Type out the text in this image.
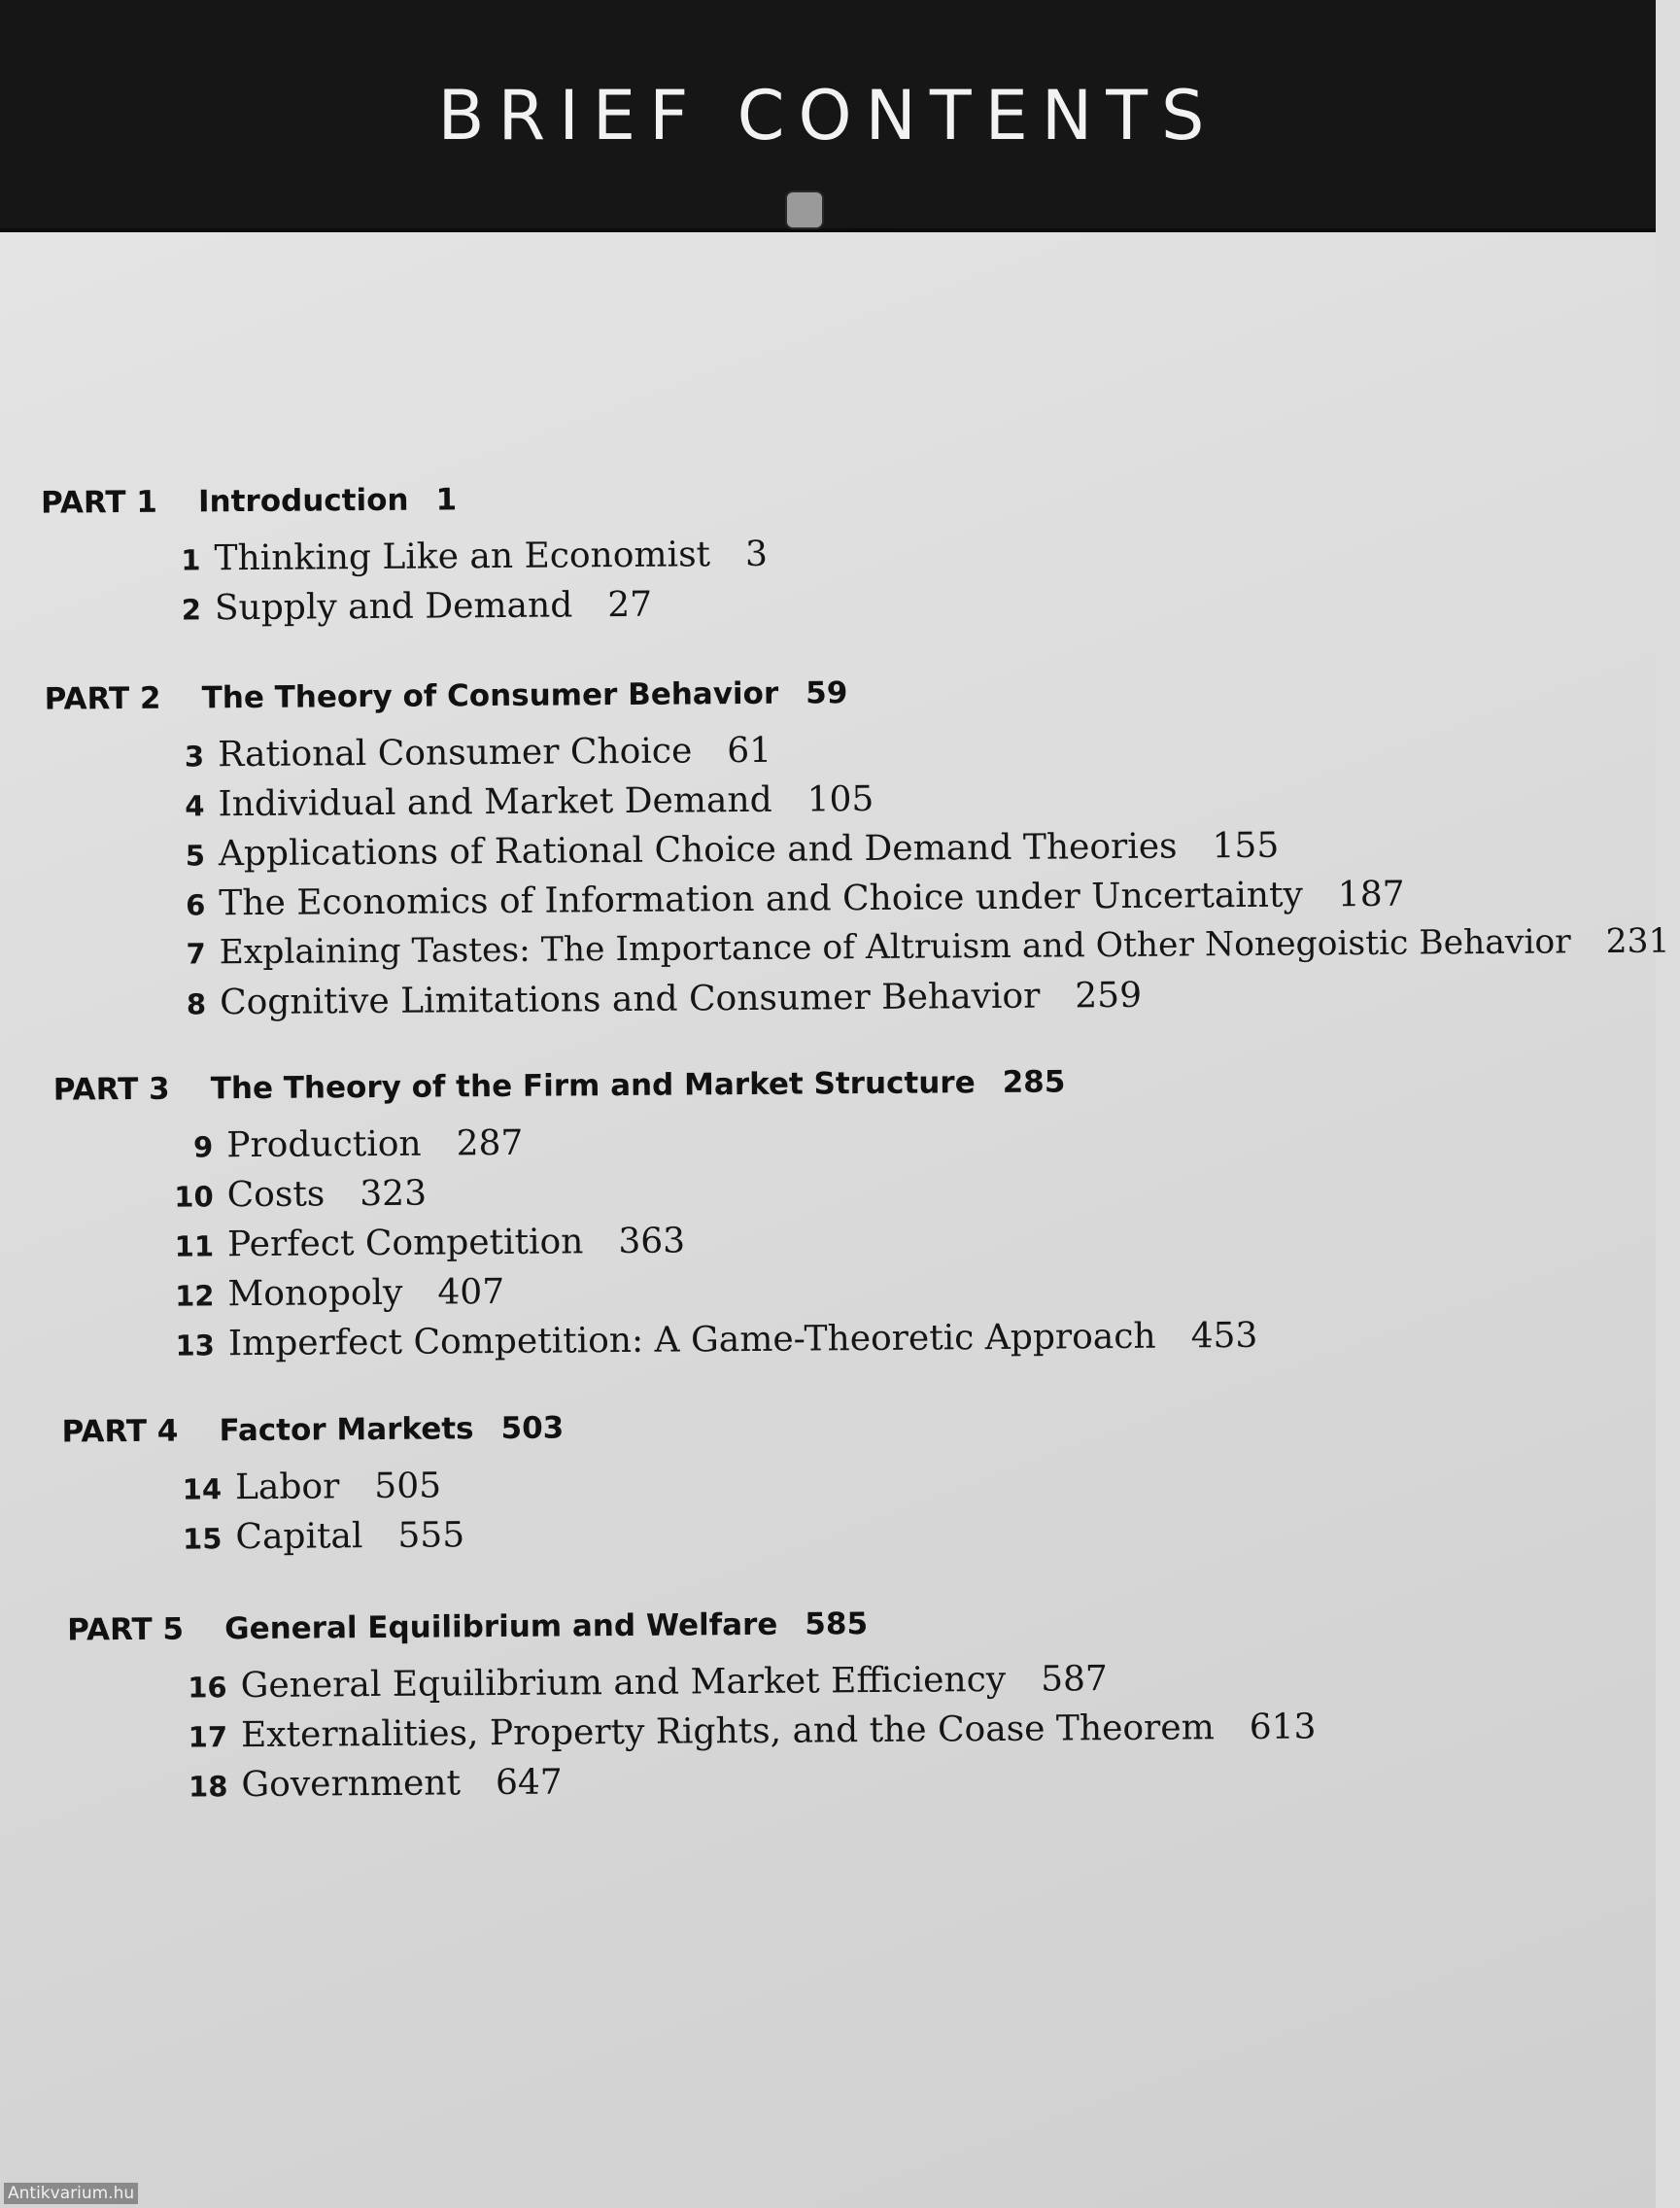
BRIEF CONTENTS
PART 1 Introduction 1
1 Thinking Like an Economist 3
2 Supply and Demand 27
PART 2 The Theory of Consumer Behavior 59
3 Rational Consumer Choice 61
4 Individual and Market Demand 105
5 Applications of Rational Choice and Demand Theories 155
6 The Economics of Information and Choice under Uncertainty 187
7 Explaining Tastes: The Importance of Altruism and Other Nonegoistic Behavior 231
8 Cognitive Limitations and Consumer Behavior 259
PART 3 The Theory of the Firm and Market Structure 285
9 Production 287
10 Costs 323
11 Perfect Competition 363
12 Monopoly 407
13 Imperfect Competition: A Game-Theoretic Approach 453
PART 4 Factor Markets 503
14 Labor 505
15 Capital 555
PART 5 General Equilibrium and Welfare 585
16 General Equilibrium and Market Efficiency 587
17 Externalities, Property Rights, and the Coase Theorem 613
18 Government 647
Antikvarium.hu
